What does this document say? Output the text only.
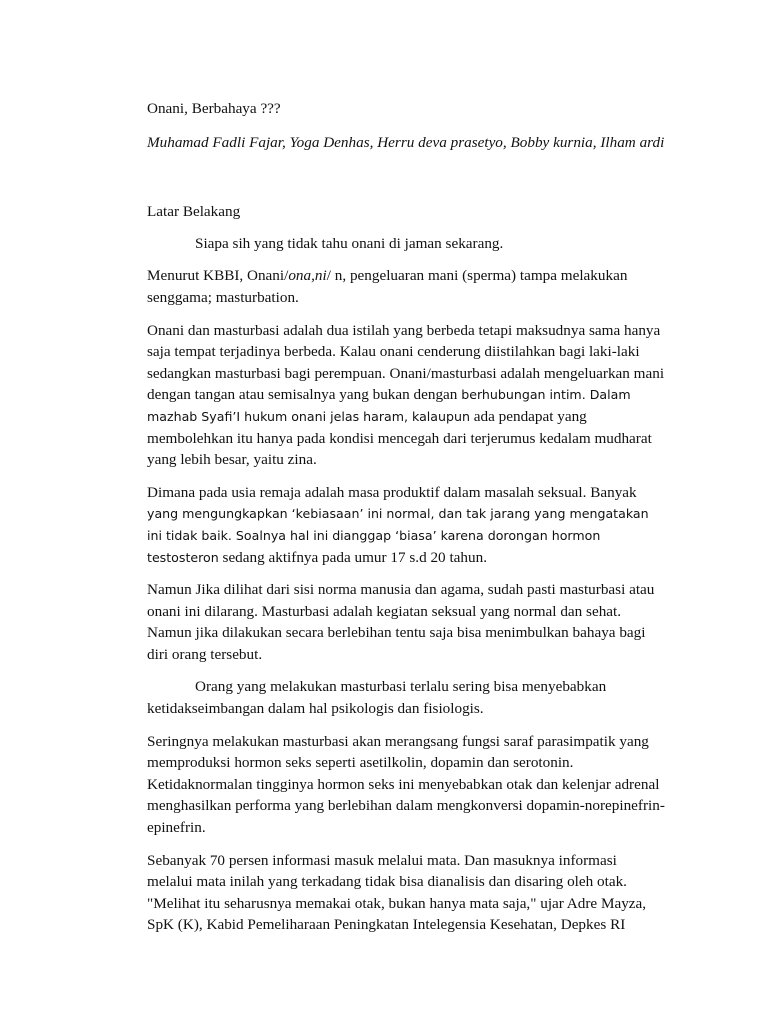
Onani, Berbahaya ???

Muhamad Fadli Fajar, Yoga Denhas, Herru deva prasetyo, Bobby kurnia, Ilham ardi

Latar Belakang

Siapa sih yang tidak tahu onani di jaman sekarang.

Menurut KBBI, Onani/ona,ni/ n, pengeluaran mani (sperma) tampa melakukan senggama; masturbation.

Onani dan masturbasi adalah dua istilah yang berbeda tetapi maksudnya sama hanya saja tempat terjadinya berbeda. Kalau onani cenderung diistilahkan bagi laki-laki sedangkan masturbasi bagi perempuan. Onani/masturbasi adalah mengeluarkan mani dengan tangan atau semisalnya yang bukan dengan berhubungan intim. Dalam mazhab Syafi’I hukum onani jelas haram, kalaupun ada pendapat yang membolehkan itu hanya pada kondisi mencegah dari terjerumus kedalam mudharat yang lebih besar, yaitu zina.

Dimana pada usia remaja adalah masa produktif dalam masalah seksual. Banyak yang mengungkapkan ‘kebiasaan’ ini normal, dan tak jarang yang mengatakan ini tidak baik. Soalnya hal ini dianggap ‘biasa’ karena dorongan hormon testosteron sedang aktifnya pada umur 17 s.d 20 tahun.

Namun Jika dilihat dari sisi norma manusia dan agama, sudah pasti masturbasi atau onani ini dilarang. Masturbasi adalah kegiatan seksual yang normal dan sehat. Namun jika dilakukan secara berlebihan tentu saja bisa menimbulkan bahaya bagi diri orang tersebut.

Orang yang melakukan masturbasi terlalu sering bisa menyebabkan ketidakseimbangan dalam hal psikologis dan fisiologis.

Seringnya melakukan masturbasi akan merangsang fungsi saraf parasimpatik yang memproduksi hormon seks seperti asetilkolin, dopamin dan serotonin. Ketidaknormalan tingginya hormon seks ini menyebabkan otak dan kelenjar adrenal menghasilkan performa yang berlebihan dalam mengkonversi dopamin-norepinefrin-epinefrin.

Sebanyak 70 persen informasi masuk melalui mata. Dan masuknya informasi melalui mata inilah yang terkadang tidak bisa dianalisis dan disaring oleh otak. "Melihat itu seharusnya memakai otak, bukan hanya mata saja," ujar Adre Mayza, SpK (K), Kabid Pemeliharaan Peningkatan Intelegensia Kesehatan, Depkes RI
